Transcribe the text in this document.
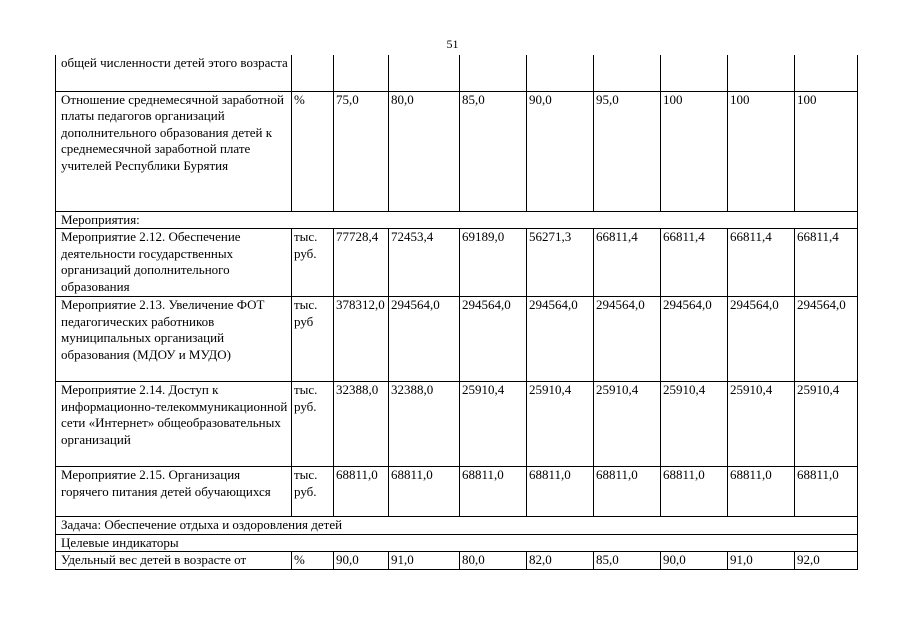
51
общей численности детей этого возраста									
Отношение среднемесячной заработной платы педагогов организаций дополнительного образования детей к среднемесячной заработной плате учителей Республики Бурятия	%	75,0	80,0	85,0	90,0	95,0	100	100	100
Мероприятия:									
Мероприятие 2.12. Обеспечение деятельности государственных организаций дополнительного образования	тыс. руб.	77728,4	72453,4	69189,0	56271,3	66811,4	66811,4	66811,4	66811,4
Мероприятие 2.13. Увеличение ФОТ педагогических работников муниципальных организаций образования (МДОУ и МУДО)	тыс. руб	378312,0	294564,0	294564,0	294564,0	294564,0	294564,0	294564,0	294564,0
Мероприятие 2.14. Доступ к информационно-телекоммуникационной сети «Интернет» общеобразовательных организаций	тыс. руб.	32388,0	32388,0	25910,4	25910,4	25910,4	25910,4	25910,4	25910,4
Мероприятие 2.15. Организация горячего питания детей обучающихся	тыс. руб.	68811,0	68811,0	68811,0	68811,0	68811,0	68811,0	68811,0	68811,0
Задача: Обеспечение отдыха и оздоровления детей									
Целевые индикаторы									
Удельный вес детей в возрасте от	%	90,0	91,0	80,0	82,0	85,0	90,0	91,0	92,0
